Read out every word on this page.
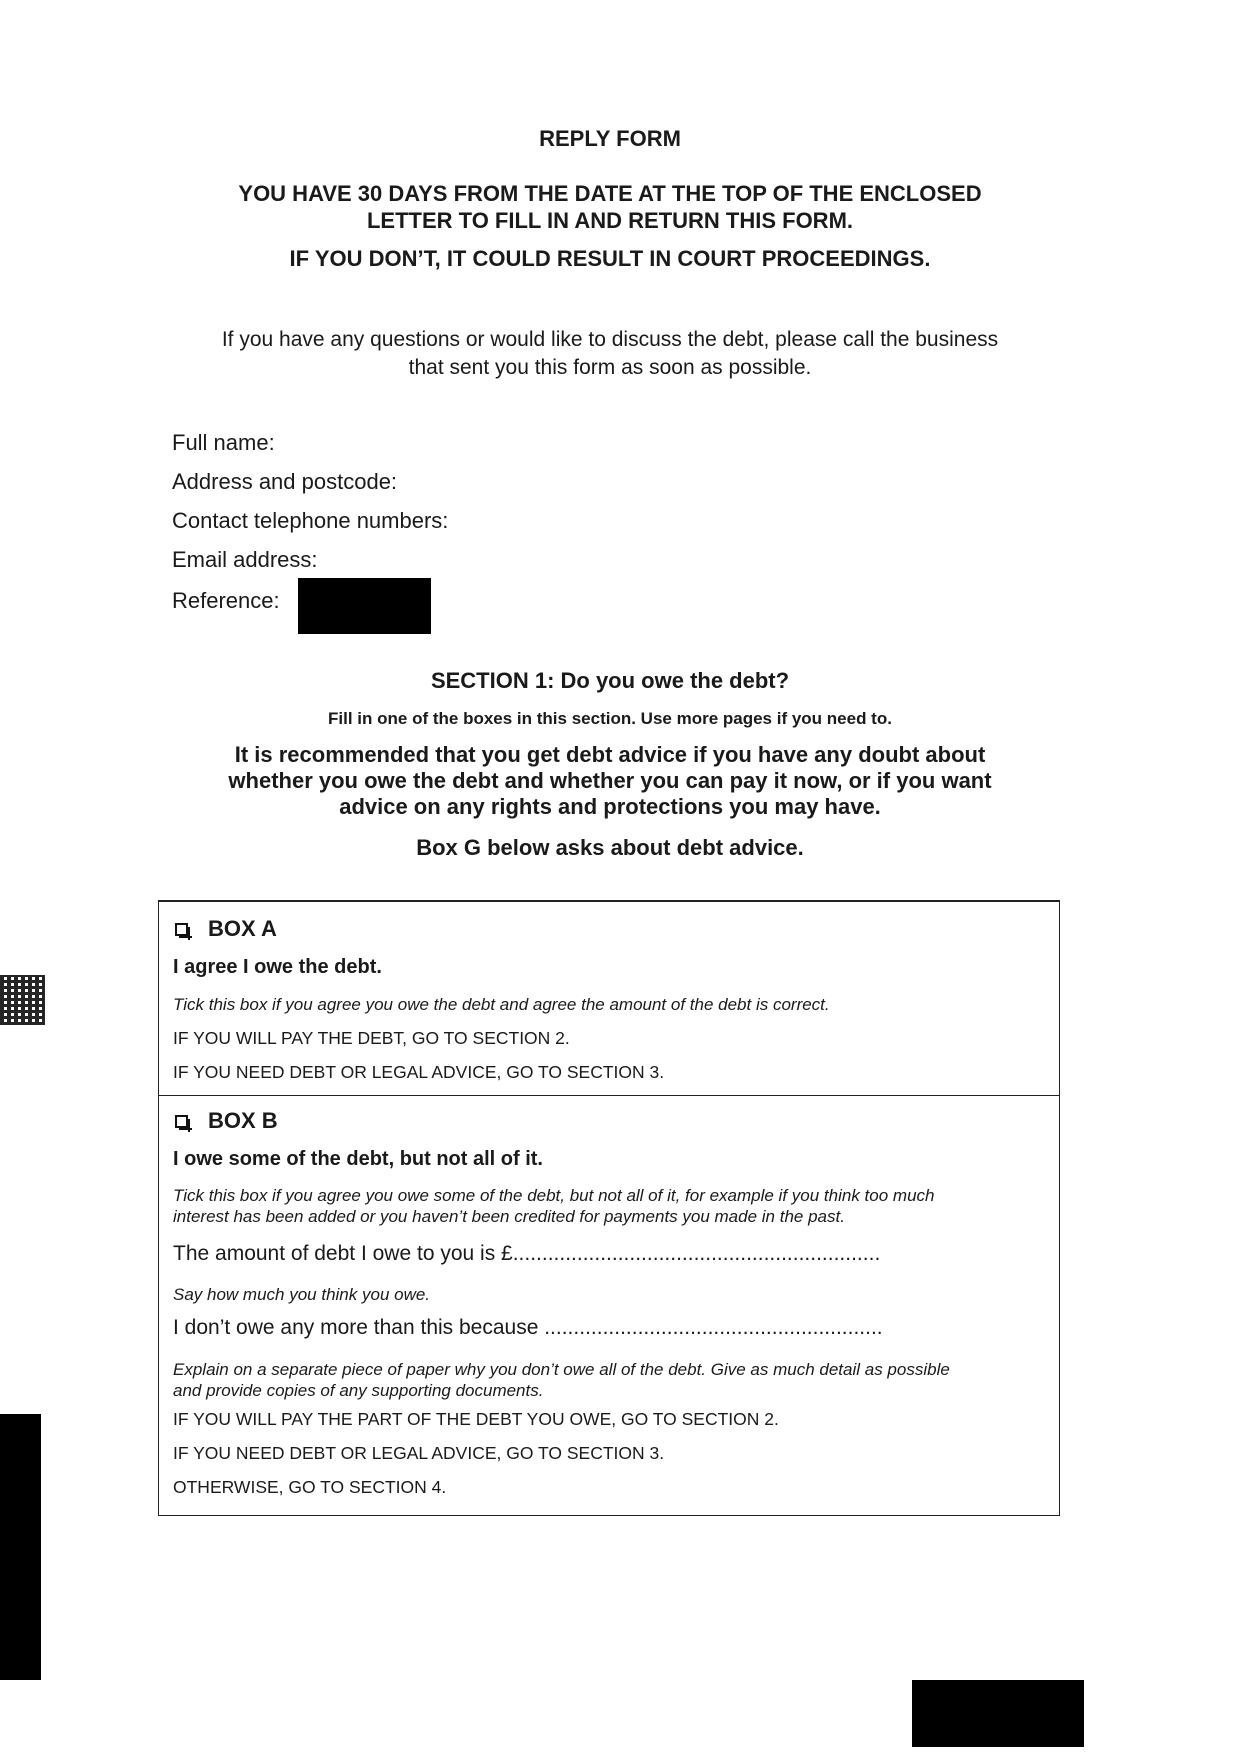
REPLY FORM
YOU HAVE 30 DAYS FROM THE DATE AT THE TOP OF THE ENCLOSED
LETTER TO FILL IN AND RETURN THIS FORM.
IF YOU DON’T, IT COULD RESULT IN COURT PROCEEDINGS.
If you have any questions or would like to discuss the debt, please call the business
that sent you this form as soon as possible.
Full name:
Address and postcode:
Contact telephone numbers:
Email address:
Reference:
SECTION 1: Do you owe the debt?
Fill in one of the boxes in this section. Use more pages if you need to.
It is recommended that you get debt advice if you have any doubt about
whether you owe the debt and whether you can pay it now, or if you want
advice on any rights and protections you may have.
Box G below asks about debt advice.
BOX A
I agree I owe the debt.
Tick this box if you agree you owe the debt and agree the amount of the debt is correct.
IF YOU WILL PAY THE DEBT, GO TO SECTION 2.
IF YOU NEED DEBT OR LEGAL ADVICE, GO TO SECTION 3.
BOX B
I owe some of the debt, but not all of it.
Tick this box if you agree you owe some of the debt, but not all of it, for example if you think too much
interest has been added or you haven’t been credited for payments you made in the past.
The amount of debt I owe to you is £...............................................................
Say how much you think you owe.
I don’t owe any more than this because ..........................................................
Explain on a separate piece of paper why you don’t owe all of the debt. Give as much detail as possible
and provide copies of any supporting documents.
IF YOU WILL PAY THE PART OF THE DEBT YOU OWE, GO TO SECTION 2.
IF YOU NEED DEBT OR LEGAL ADVICE, GO TO SECTION 3.
OTHERWISE, GO TO SECTION 4.
